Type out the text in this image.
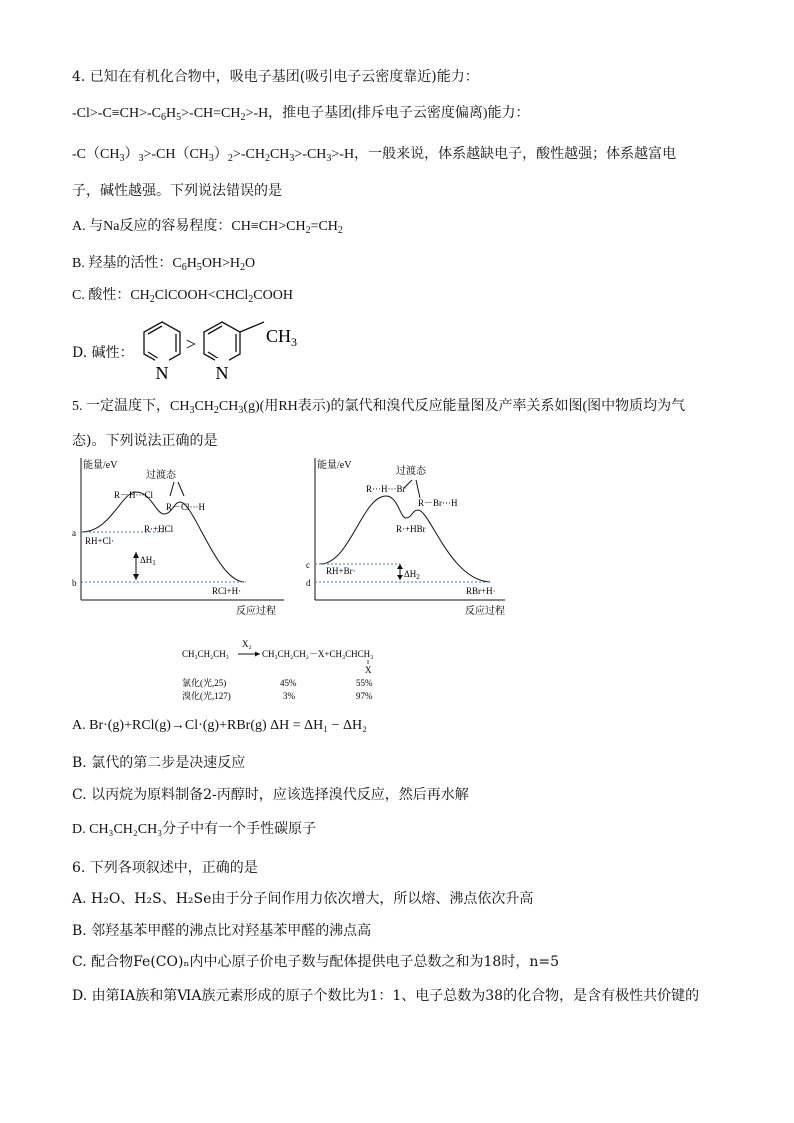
4. 已知在有机化合物中，吸电子基团(吸引电子云密度靠近)能力：
$-Cl>-C\equiv CH>-C_6H_5>-CH=CH_2>-H$，推电子基团(排斥电子云密度偏离)能力：
$-C(CH_3)_3>-CH(CH_3)_2>-CH_2CH_3>-CH_3>-H$，一般来说，体系越缺电子，酸性越强；体系越富电
子，碱性越强。下列说法错误的是
A. 与Na反应的容易程度：$CH\equiv CH>CH_2=CH_2$
B. 羟基的活性：$C_6H_5OH>H_2O$
C. 酸性：$CH_2ClCOOH<CHCl_2COOH$
D. 碱性：
N
>
N
$CH_3$
5. 一定温度下，$CH_3CH_2CH_3(g)$(用RH表示)的氯代和溴代反应能量图及产率关系如图(图中物质均为气
态)。下列说法正确的是
能量/eV
反应过程
过渡态
R－H···Cl
R－Cl···H
R·+HCl
RH+Cl·
RCl+H·
$\Delta H_1$
a
b
能量/eV
反应过程
过渡态
R···H···Br
R－Br···H
R·+HBr
RH+Br·
RBr+H·
$\Delta H_2$
c
d
CH₃CH₂CH₃
X₂
CH₃CH₂CH₂－X+CH₃CHCH₃
X
氯化(光,25)	45%	55%
溴化(光,127)	3%	97%
A. Br·(g)+RCl(g)→Cl·(g)+RBr(g) ΔH = ΔH₁ − ΔH₂
B. 氯代的第二步是决速反应
C. 以丙烷为原料制备2-丙醇时，应该选择溴代反应，然后再水解
D. CH₃CH₂CH₃分子中有一个手性碳原子
6. 下列各项叙述中，正确的是
A. H₂O、H₂S、H₂Se由于分子间作用力依次增大，所以熔、沸点依次升高
B. 邻羟基苯甲醛的沸点比对羟基苯甲醛的沸点高
C. 配合物Fe(CO)ₙ内中心原子价电子数与配体提供电子总数之和为18时，n=5
D. 由第ⅠA族和第ⅥA族元素形成的原子个数比为1：1、电子总数为38的化合物，是含有极性共价键的
